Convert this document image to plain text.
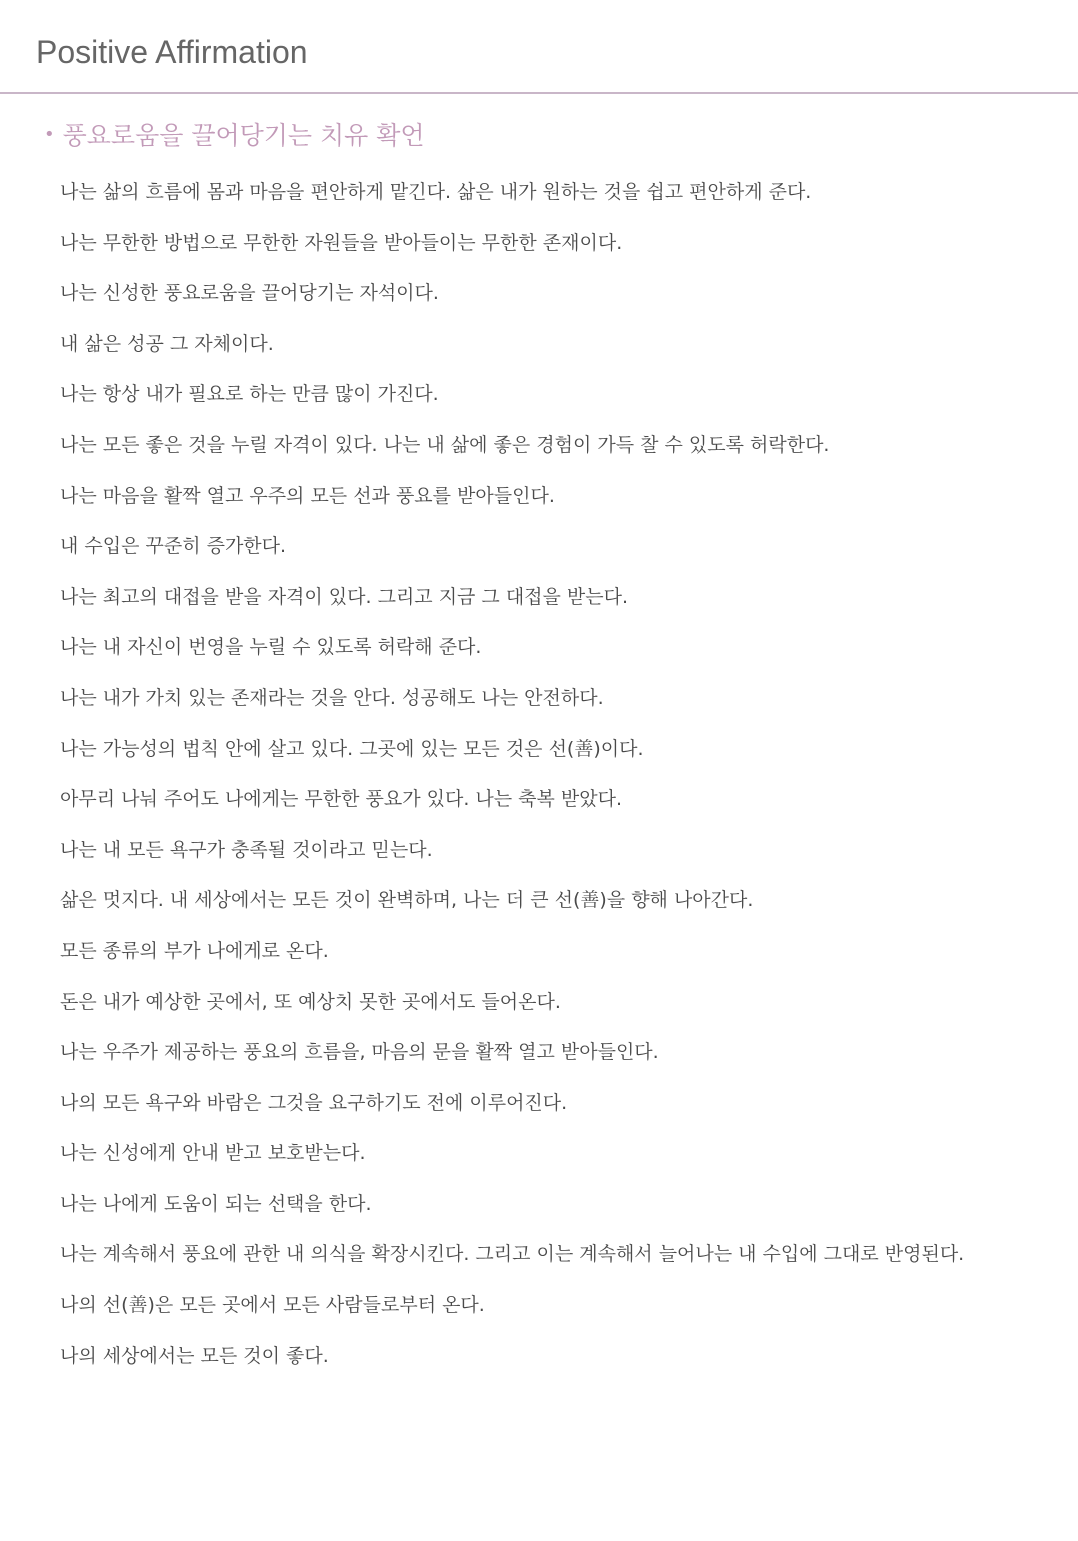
Positive Affirmation
• 풍요로움을 끌어당기는 치유 확언
나는 삶의 흐름에 몸과 마음을 편안하게 맡긴다. 삶은 내가 원하는 것을 쉽고 편안하게 준다.
나는 무한한 방법으로 무한한 자원들을 받아들이는 무한한 존재이다.
나는 신성한 풍요로움을 끌어당기는 자석이다.
내 삶은 성공 그 자체이다.
나는 항상 내가 필요로 하는 만큼 많이 가진다.
나는 모든 좋은 것을 누릴 자격이 있다. 나는 내 삶에 좋은 경험이 가득 찰 수 있도록 허락한다.
나는 마음을 활짝 열고 우주의 모든 선과 풍요를 받아들인다.
내 수입은 꾸준히 증가한다.
나는 최고의 대접을 받을 자격이 있다. 그리고 지금 그 대접을 받는다.
나는 내 자신이 번영을 누릴 수 있도록 허락해 준다.
나는 내가 가치 있는 존재라는 것을 안다. 성공해도 나는 안전하다.
나는 가능성의 법칙 안에 살고 있다. 그곳에 있는 모든 것은 선(善)이다.
아무리 나눠 주어도 나에게는 무한한 풍요가 있다. 나는 축복 받았다.
나는 내 모든 욕구가 충족될 것이라고 믿는다.
삶은 멋지다. 내 세상에서는 모든 것이 완벽하며, 나는 더 큰 선(善)을 향해 나아간다.
모든 종류의 부가 나에게로 온다.
돈은 내가 예상한 곳에서, 또 예상치 못한 곳에서도 들어온다.
나는 우주가 제공하는 풍요의 흐름을, 마음의 문을 활짝 열고 받아들인다.
나의 모든 욕구와 바람은 그것을 요구하기도 전에 이루어진다.
나는 신성에게 안내 받고 보호받는다.
나는 나에게 도움이 되는 선택을 한다.
나는 계속해서 풍요에 관한 내 의식을 확장시킨다. 그리고 이는 계속해서 늘어나는 내 수입에 그대로 반영된다.
나의 선(善)은 모든 곳에서 모든 사람들로부터 온다.
나의 세상에서는 모든 것이 좋다.
